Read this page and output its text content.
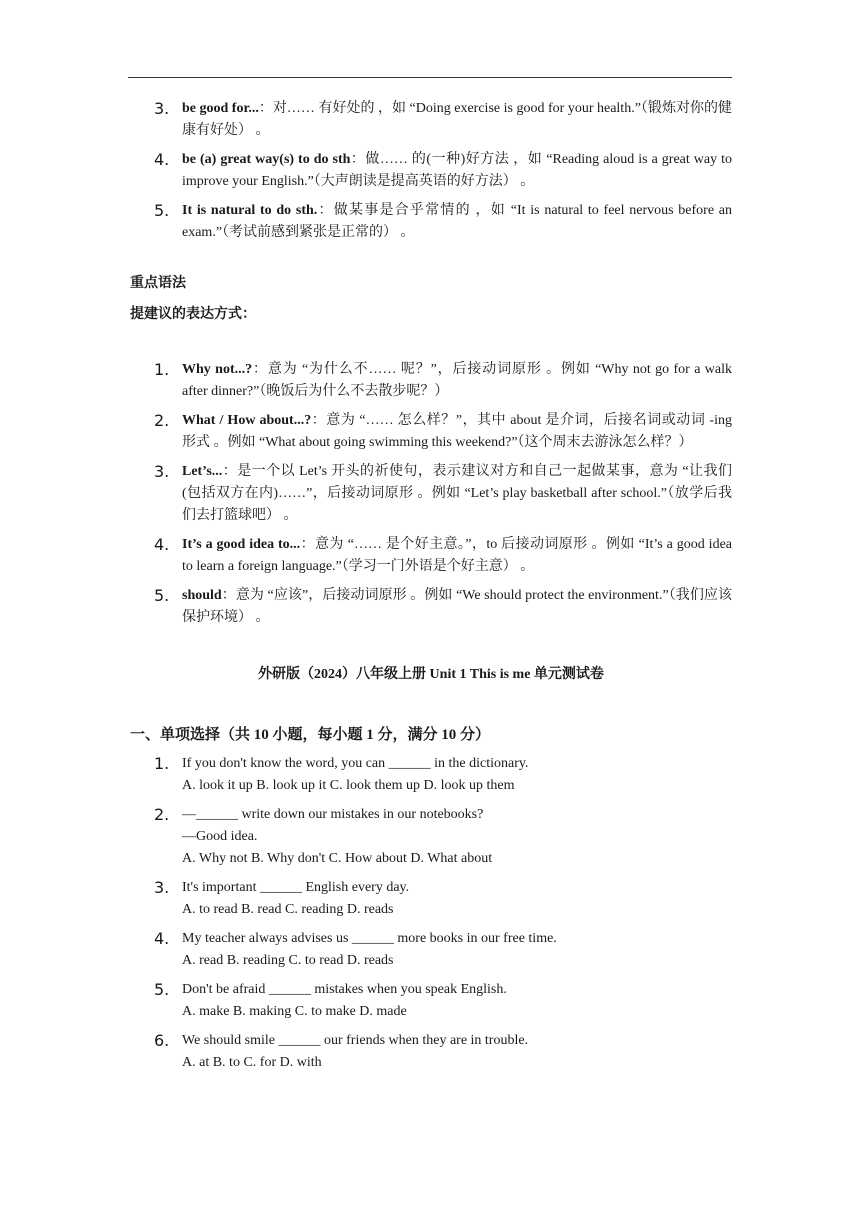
3. be good for...：对…… 有好处的 ，如 “Doing exercise is good for your health.”（锻炼对你的健康有好处） 。
4. be (a) great way(s) to do sth：做…… 的(一种)好方法 ，如 “Reading aloud is a great way to improve your English.”（大声朗读是提高英语的好方法） 。
5. It is natural to do sth.：做某事是合乎常情的 ，如 “It is natural to feel nervous before an exam.”（考试前感到紧张是正常的） 。
重点语法
提建议的表达方式：
1. Why not...?：意为 “为什么不…… 呢？”，后接动词原形 。例如 “Why not go for a walk after dinner?”（晚饭后为什么不去散步呢？）
2. What / How about...?：意为 “…… 怎么样？”，其中 about 是介词，后接名词或动词 -ing 形式 。例如 “What about going swimming this weekend?”（这个周末去游泳怎么样？）
3. Let’s...：是一个以 Let’s 开头的祈使句，表示建议对方和自己一起做某事，意为 “让我们(包括双方在内)……”，后接动词原形 。例如 “Let’s play basketball after school.”（放学后我们去打篮球吧） 。
4. It’s a good idea to...：意为 “…… 是个好主意。”，to 后接动词原形 。例如 “It’s a good idea to learn a foreign language.”（学习一门外语是个好主意） 。
5. should：意为 “应该”，后接动词原形 。例如 “We should protect the environment.”（我们应该保护环境） 。
外研版（2024）八年级上册 Unit 1 This is me 单元测试卷
一、单项选择（共 10 小题，每小题 1 分，满分 10 分）
1. If you don't know the word, you can ______ in the dictionary.
A. look it up B. look up it C. look them up D. look up them
2. —______ write down our mistakes in our notebooks?
—Good idea.
A. Why not B. Why don't C. How about D. What about
3. It's important ______ English every day.
A. to read B. read C. reading D. reads
4. My teacher always advises us ______ more books in our free time.
A. read B. reading C. to read D. reads
5. Don't be afraid ______ mistakes when you speak English.
A. make B. making C. to make D. made
6. We should smile ______ our friends when they are in trouble.
A. at B. to C. for D. with
